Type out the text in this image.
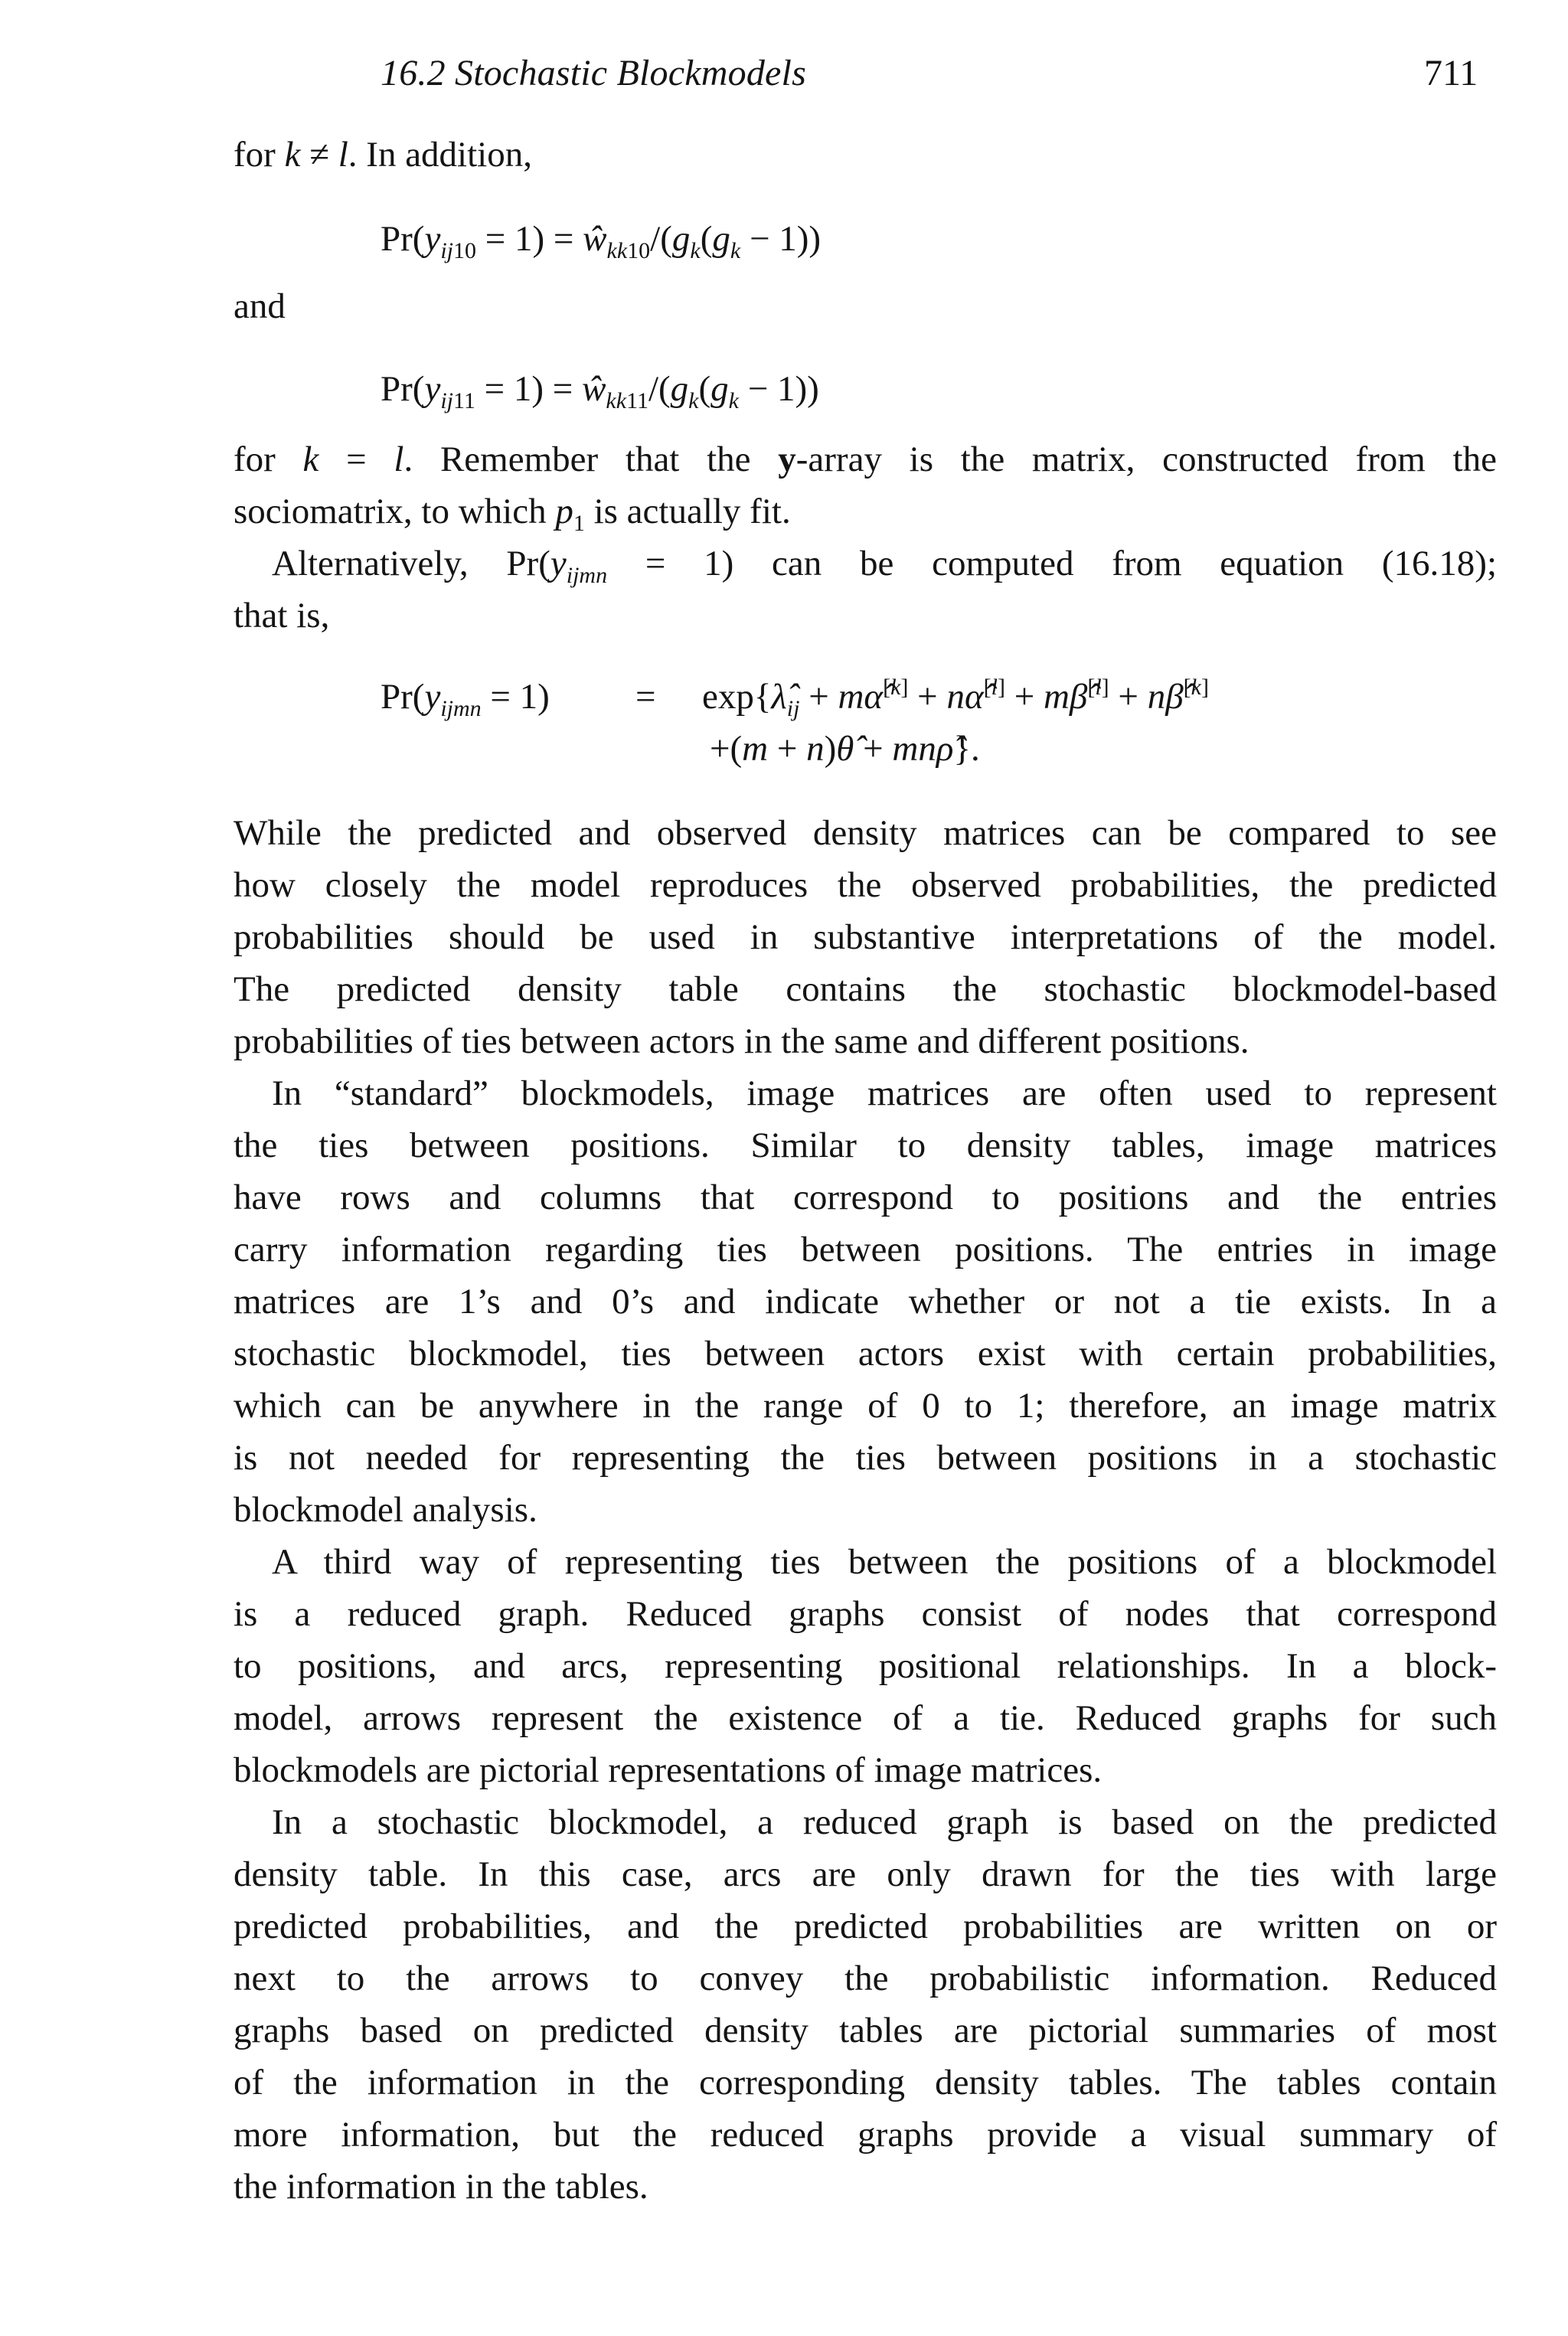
16.2 Stochastic Blockmodels	711
for k ≠ l. In addition,
$Pr(y_{ij10} = 1)$ = $ŵ_{kk10}/(g_k(g_k - 1))$
and
$Pr(y_{ij11} = 1)$ = $ŵ_{kk11}/(g_k(g_k - 1))$
for k = l. Remember that the y-array is the matrix, constructed from the
sociomatrix, to which $p_1$ is actually fit.
Alternatively, $Pr(y_{ijmn} = 1)$ can be computed from equation (16.18);
that is,
$Pr(y_{ijmn} = 1)$ = $\exp\{\lambdâ_{ij}$ + mα̂[k] + nα̂[l] + mβ̂[l] + nβ̂[k]
+(m + n)θ̂ + mnρ̂}.
While the predicted and observed density matrices can be compared to see
how closely the model reproduces the observed probabilities, the predicted
probabilities should be used in substantive interpretations of the model.
The predicted density table contains the stochastic blockmodel-based
probabilities of ties between actors in the same and different positions.
In “standard” blockmodels, image matrices are often used to represent
the ties between positions. Similar to density tables, image matrices
have rows and columns that correspond to positions and the entries
carry information regarding ties between positions. The entries in image
matrices are 1’s and 0’s and indicate whether or not a tie exists. In a
stochastic blockmodel, ties between actors exist with certain probabilities,
which can be anywhere in the range of 0 to 1; therefore, an image matrix
is not needed for representing the ties between positions in a stochastic
blockmodel analysis.
A third way of representing ties between the positions of a blockmodel
is a reduced graph. Reduced graphs consist of nodes that correspond
to positions, and arcs, representing positional relationships. In a block-
model, arrows represent the existence of a tie. Reduced graphs for such
blockmodels are pictorial representations of image matrices.
In a stochastic blockmodel, a reduced graph is based on the predicted
density table. In this case, arcs are only drawn for the ties with large
predicted probabilities, and the predicted probabilities are written on or
next to the arrows to convey the probabilistic information. Reduced
graphs based on predicted density tables are pictorial summaries of most
of the information in the corresponding density tables. The tables contain
more information, but the reduced graphs provide a visual summary of
the information in the tables.
